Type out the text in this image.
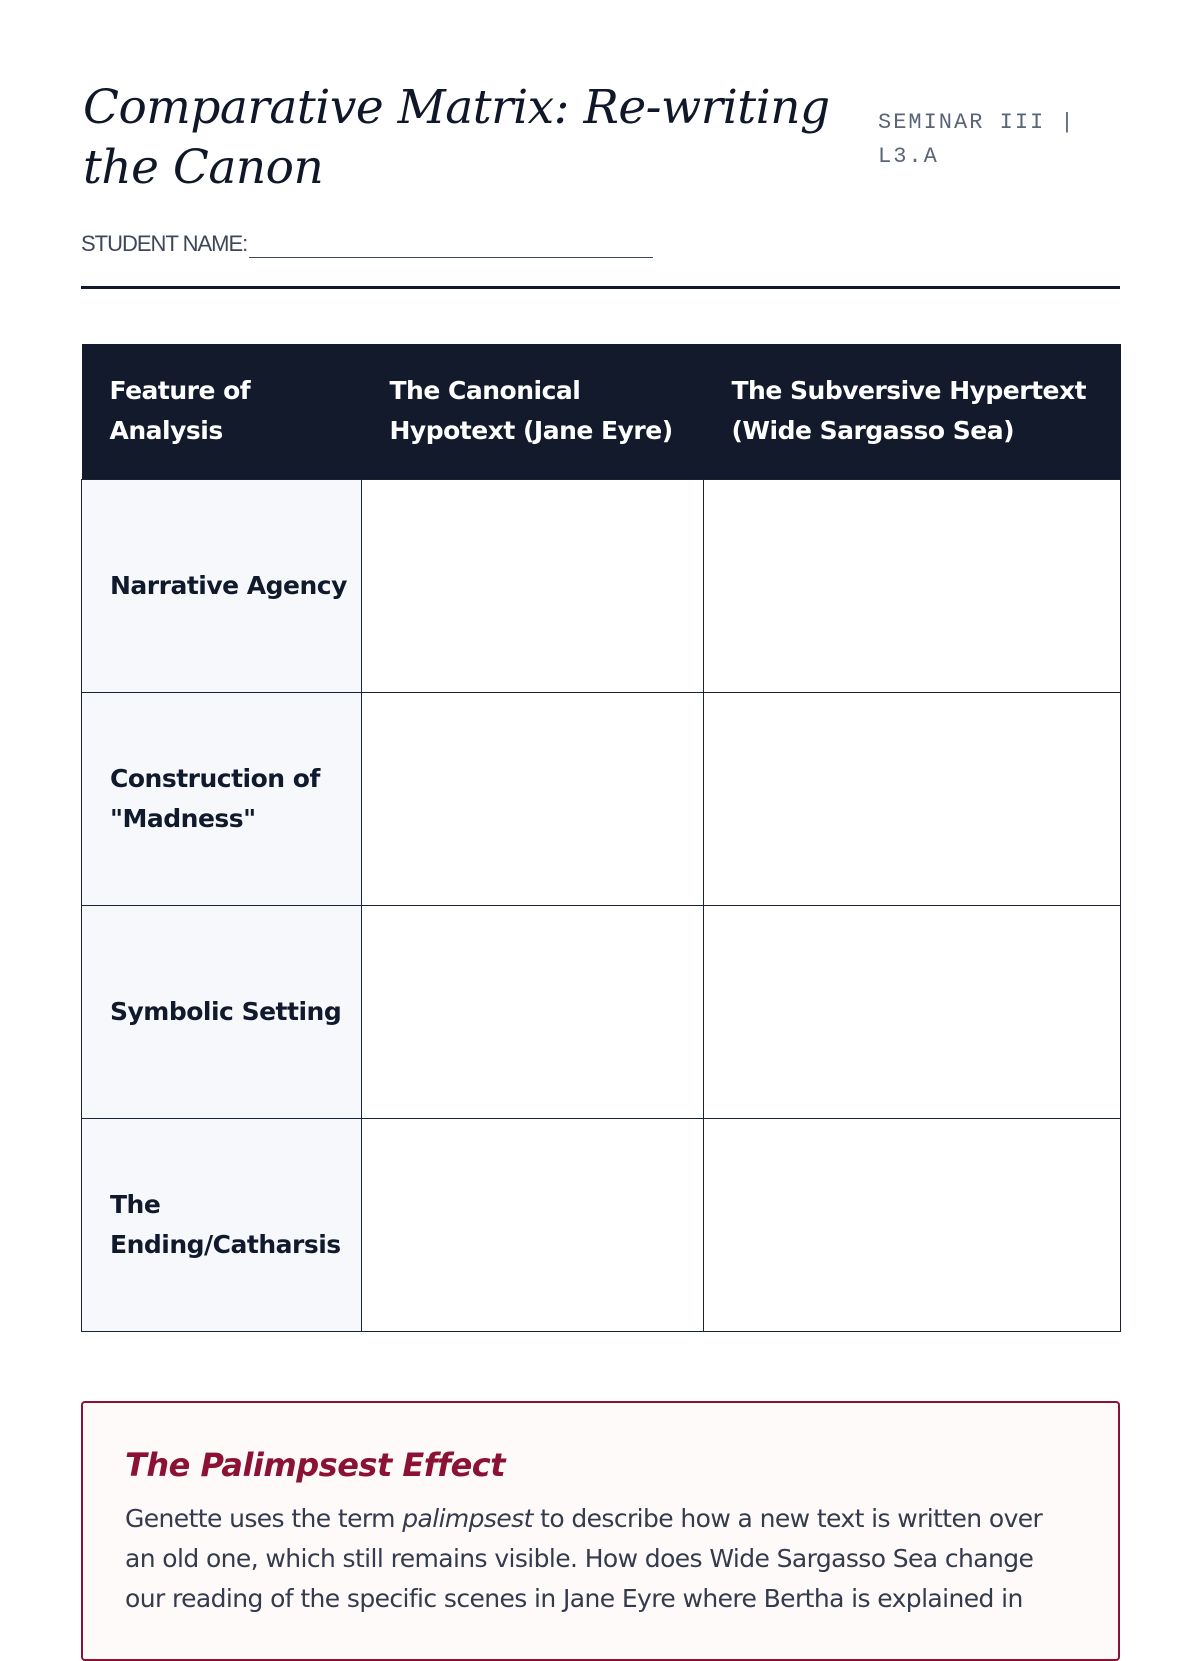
Comparative Matrix: Re-writing the Canon
SEMINAR III | L3.A
STUDENT NAME:
Feature of Analysis	The Canonical Hypotext (Jane Eyre)	The Subversive Hypertext (Wide Sargasso Sea)
Narrative Agency		
Construction of "Madness"		
Symbolic Setting		
The Ending/Catharsis		
The Palimpsest Effect

Genette uses the term palimpsest to describe how a new text is written over an old one, which still remains visible. How does Wide Sargasso Sea change our reading of the specific scenes in Jane Eyre where Bertha is explained in
